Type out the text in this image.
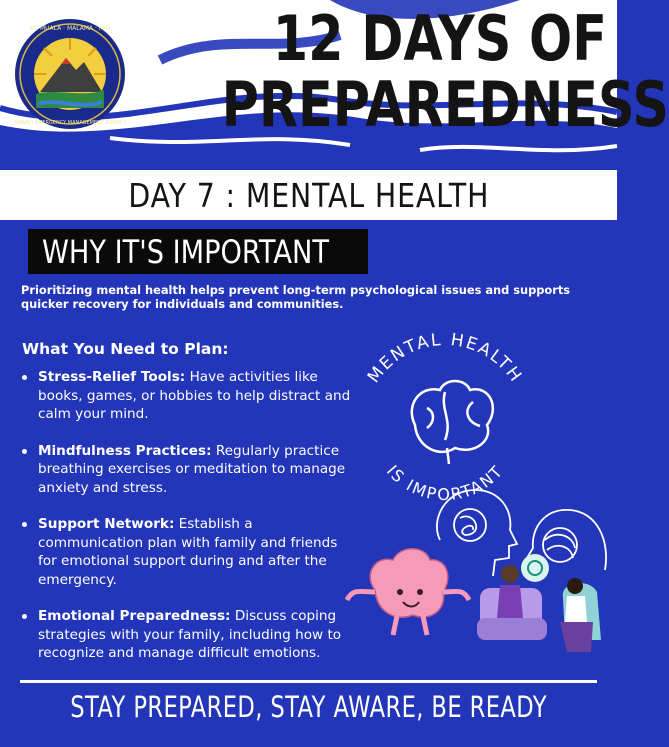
KO MUALA · MALAMA · MIN
HAWAI'I EMERGENCY MANAGEMENT AGENCY
12 DAYS OF
PREPAREDNESS
DAY 7 : MENTAL HEALTH
WHY IT'S IMPORTANT
Prioritizing mental health helps prevent long-term psychological issues and supports quicker recovery for individuals and communities.
What You Need to Plan:
Stress-Relief Tools: Have activities like books, games, or hobbies to help distract and calm your mind.
Mindfulness Practices: Regularly practice breathing exercises or meditation to manage anxiety and stress.
Support Network: Establish a communication plan with family and friends for emotional support during and after the emergency.
Emotional Preparedness: Discuss coping strategies with your family, including how to recognize and manage difficult emotions.
MENTAL HEALTH
IS IMPORTANT
STAY PREPARED, STAY AWARE, BE READY
